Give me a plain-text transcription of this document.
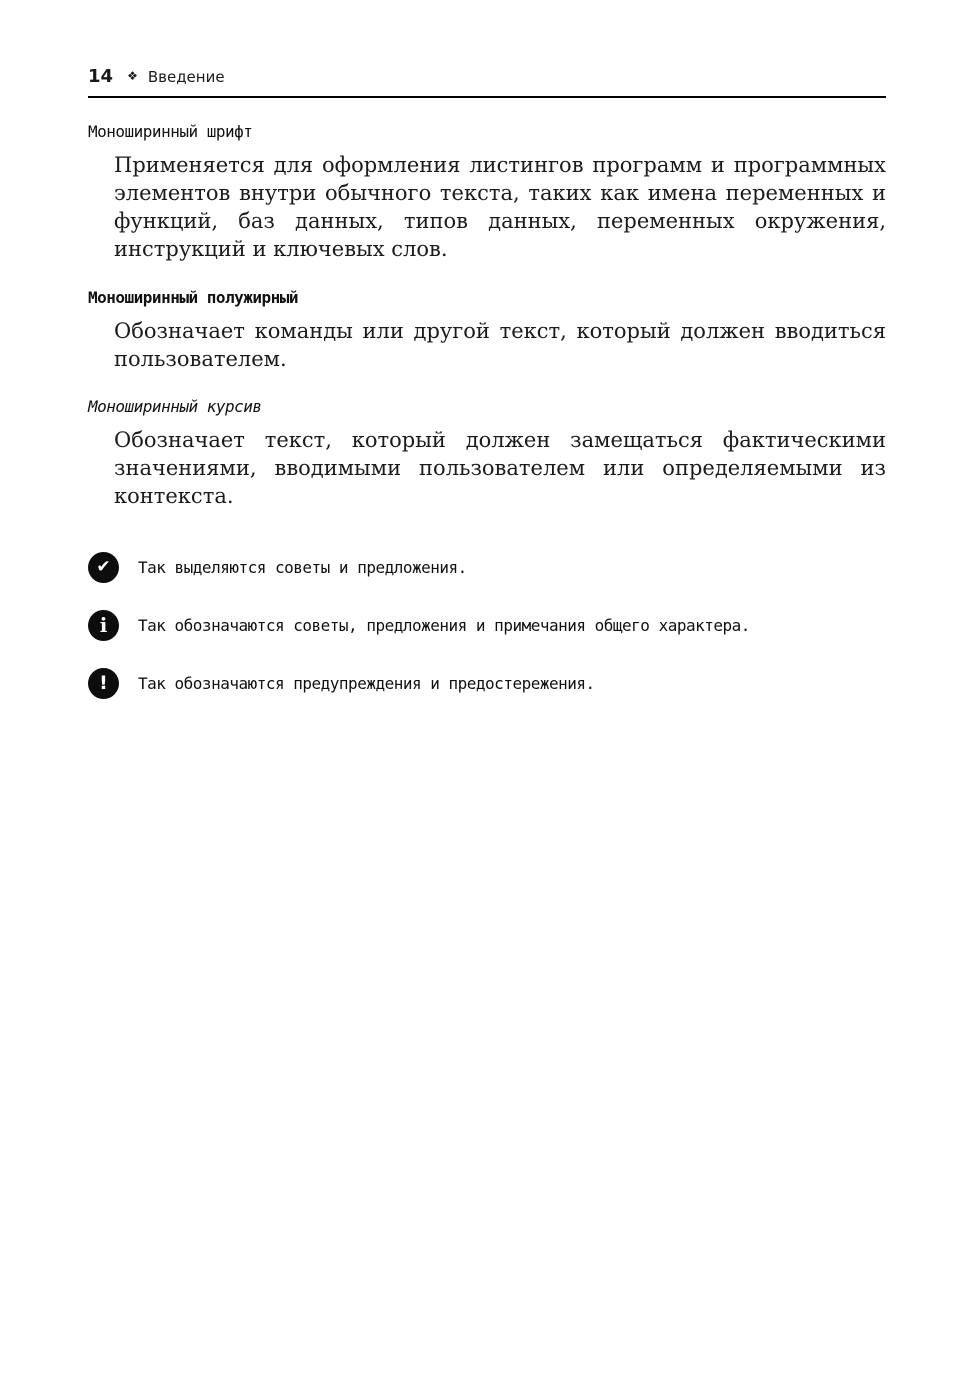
14 ❖ Введение
Моноширинный шрифт

Применяется для оформления листингов программ и программных элементов внутри обычного текста, таких как имена переменных и функций, баз данных, типов данных, переменных окружения, инструкций и ключевых слов.

Моноширинный полужирный

Обозначает команды или другой текст, который должен вводиться пользователем.

Моноширинный курсив

Обозначает текст, который должен замещаться фактическими значениями, вводимыми пользователем или определяемыми из контекста.

✔ Так выделяются советы и предложения.
i Так обозначаются советы, предложения и примечания общего характера.
! Так обозначаются предупреждения и предостережения.
